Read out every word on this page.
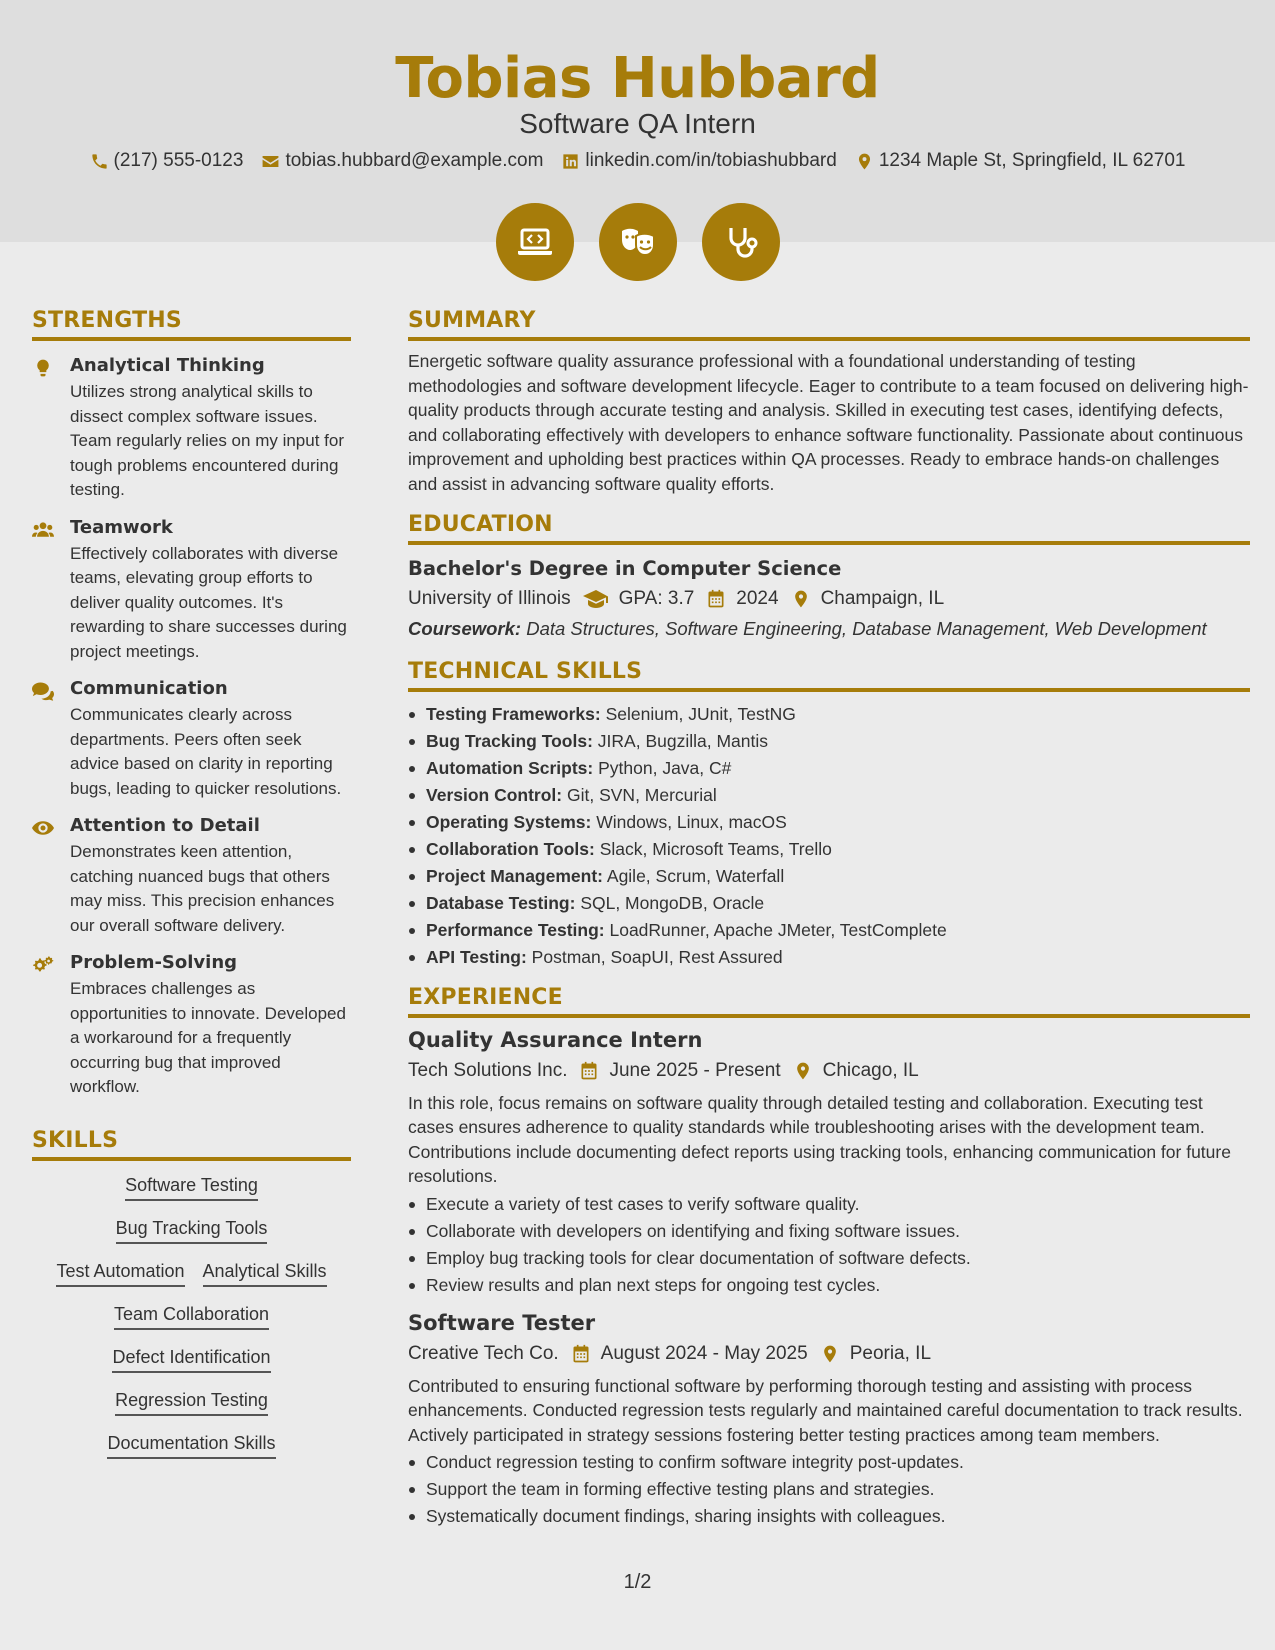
Tobias Hubbard
Software QA Intern
(217) 555-0123 tobias.hubbard@example.com linkedin.com/in/tobiashubbard 1234 Maple St, Springfield, IL 62701
STRENGTHS
Analytical Thinking
Utilizes strong analytical skills to dissect complex software issues. Team regularly relies on my input for tough problems encountered during testing.
Teamwork
Effectively collaborates with diverse teams, elevating group efforts to deliver quality outcomes. It's rewarding to share successes during project meetings.
Communication
Communicates clearly across departments. Peers often seek advice based on clarity in reporting bugs, leading to quicker resolutions.
Attention to Detail
Demonstrates keen attention, catching nuanced bugs that others may miss. This precision enhances our overall software delivery.
Problem-Solving
Embraces challenges as opportunities to innovate. Developed a workaround for a frequently occurring bug that improved workflow.
SKILLS
Software Testing
Bug Tracking Tools
Test Automation Analytical Skills
Team Collaboration
Defect Identification
Regression Testing
Documentation Skills
SUMMARY
Energetic software quality assurance professional with a foundational understanding of testing methodologies and software development lifecycle. Eager to contribute to a team focused on delivering high-quality products through accurate testing and analysis. Skilled in executing test cases, identifying defects, and collaborating effectively with developers to enhance software functionality. Passionate about continuous improvement and upholding best practices within QA processes. Ready to embrace hands-on challenges and assist in advancing software quality efforts.
EDUCATION
Bachelor's Degree in Computer Science
University of Illinois	GPA: 3.7 2024 Champaign, IL
Coursework: Data Structures, Software Engineering, Database Management, Web Development
TECHNICAL SKILLS
Testing Frameworks: Selenium, JUnit, TestNG
Bug Tracking Tools: JIRA, Bugzilla, Mantis
Automation Scripts: Python, Java, C#
Version Control: Git, SVN, Mercurial
Operating Systems: Windows, Linux, macOS
Collaboration Tools: Slack, Microsoft Teams, Trello
Project Management: Agile, Scrum, Waterfall
Database Testing: SQL, MongoDB, Oracle
Performance Testing: LoadRunner, Apache JMeter, TestComplete
API Testing: Postman, SoapUI, Rest Assured
EXPERIENCE
Quality Assurance Intern
Tech Solutions Inc. June 2025 - Present Chicago, IL
In this role, focus remains on software quality through detailed testing and collaboration. Executing test cases ensures adherence to quality standards while troubleshooting arises with the development team. Contributions include documenting defect reports using tracking tools, enhancing communication for future resolutions.
Execute a variety of test cases to verify software quality.
Collaborate with developers on identifying and fixing software issues.
Employ bug tracking tools for clear documentation of software defects.
Review results and plan next steps for ongoing test cycles.
Software Tester
Creative Tech Co. August 2024 - May 2025 Peoria, IL
Contributed to ensuring functional software by performing thorough testing and assisting with process enhancements. Conducted regression tests regularly and maintained careful documentation to track results. Actively participated in strategy sessions fostering better testing practices among team members.
Conduct regression testing to confirm software integrity post-updates.
Support the team in forming effective testing plans and strategies.
Systematically document findings, sharing insights with colleagues.
1/2
